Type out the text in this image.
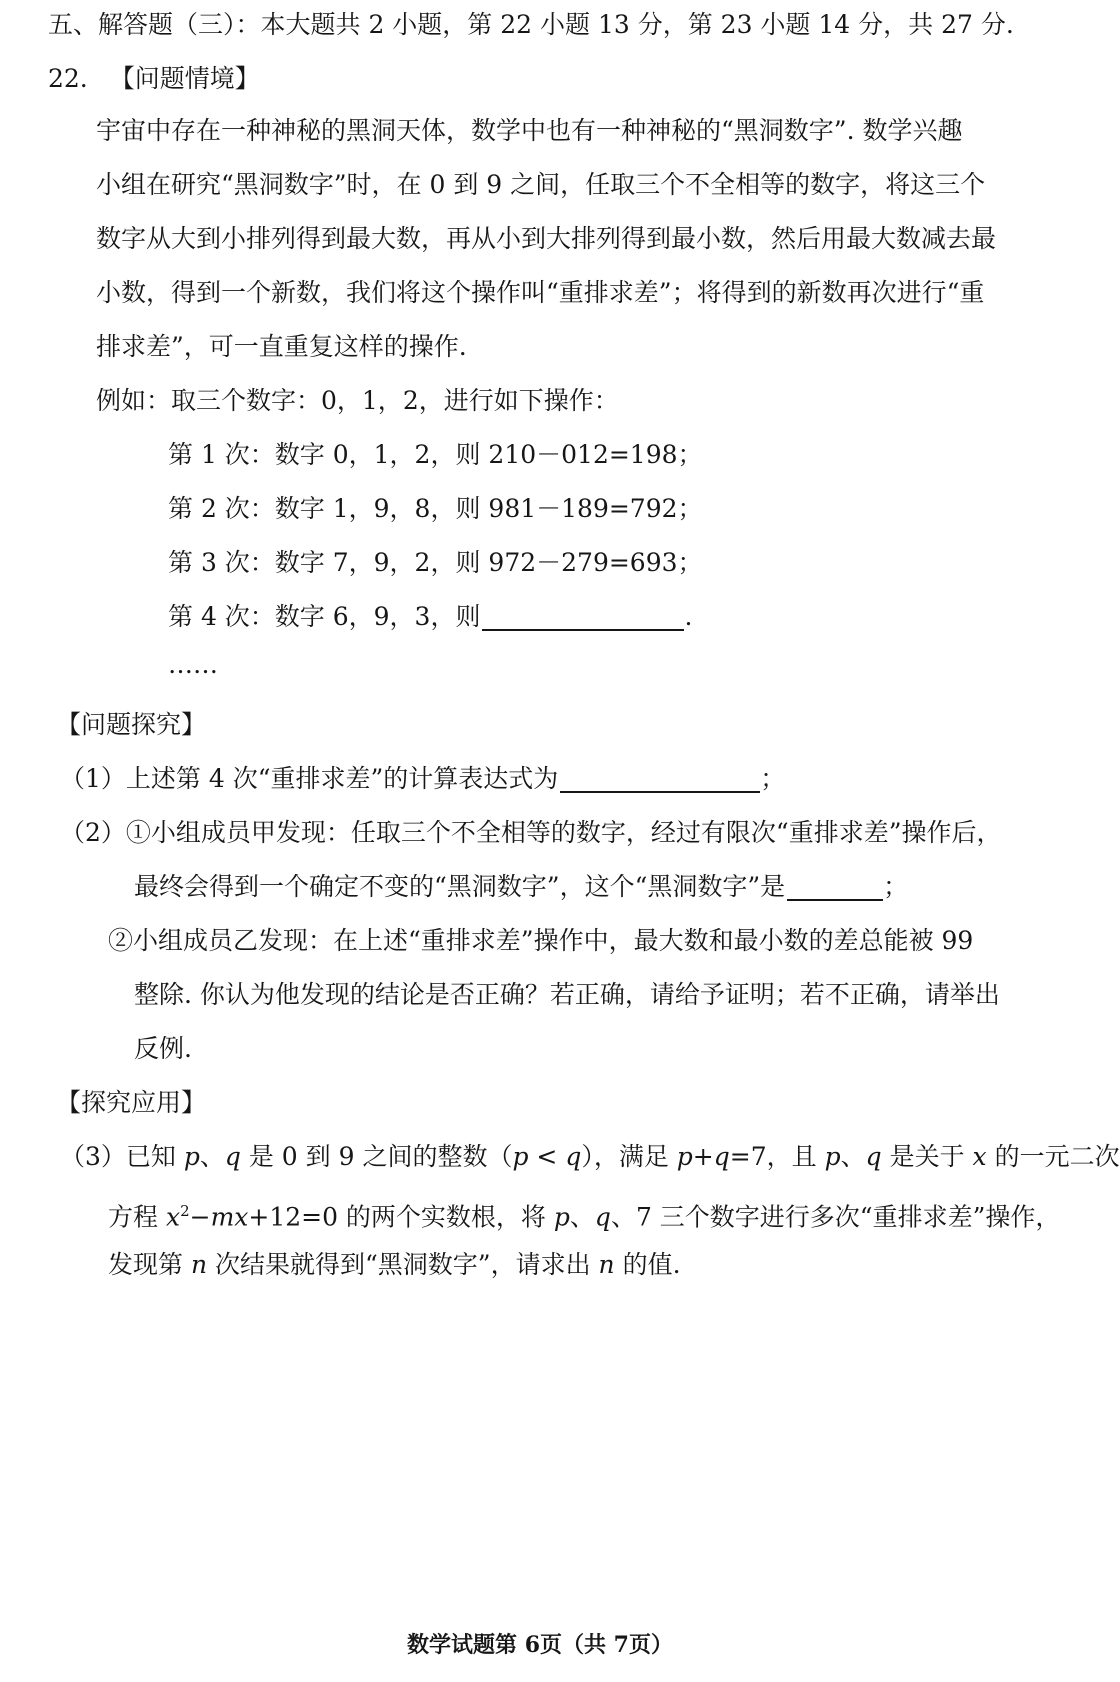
五、解答题（三）：本大题共 2 小题，第 22 小题 13 分，第 23 小题 14 分，共 27 分.

22. 【问题情境】

宇宙中存在一种神秘的黑洞天体，数学中也有一种神秘的“黑洞数字”. 数学兴趣

小组在研究“黑洞数字”时，在 0 到 9 之间，任取三个不全相等的数字，将这三个

数字从大到小排列得到最大数，再从小到大排列得到最小数，然后用最大数减去最

小数，得到一个新数，我们将这个操作叫“重排求差”；将得到的新数再次进行“重

排求差”，可一直重复这样的操作.

例如：取三个数字：0，1，2，进行如下操作：

第 1 次：数字 0，1，2，则 210－012=198；

第 2 次：数字 1，9，8，则 981－189=792；

第 3 次：数字 7，9，2，则 972－279=693；

第 4 次：数字 6，9，3，则	.

……

【问题探究】

（1）上述第 4 次“重排求差”的计算表达式为	；

（2）①小组成员甲发现：任取三个不全相等的数字，经过有限次“重排求差”操作后，

最终会得到一个确定不变的“黑洞数字”，这个“黑洞数字”是	；

②小组成员乙发现：在上述“重排求差”操作中，最大数和最小数的差总能被 99

整除. 你认为他发现的结论是否正确？若正确，请给予证明；若不正确，请举出

反例.

【探究应用】

（3）已知 p、q 是 0 到 9 之间的整数（p < q），满足 p+q=7，且 p、q 是关于 x 的一元二次

方程 $x^2-mx+12=0$ 的两个实数根，将 p、q、7 三个数字进行多次“重排求差”操作，

发现第 n 次结果就得到“黑洞数字”，请求出 n 的值.

数学试题第 6页（共 7页）
